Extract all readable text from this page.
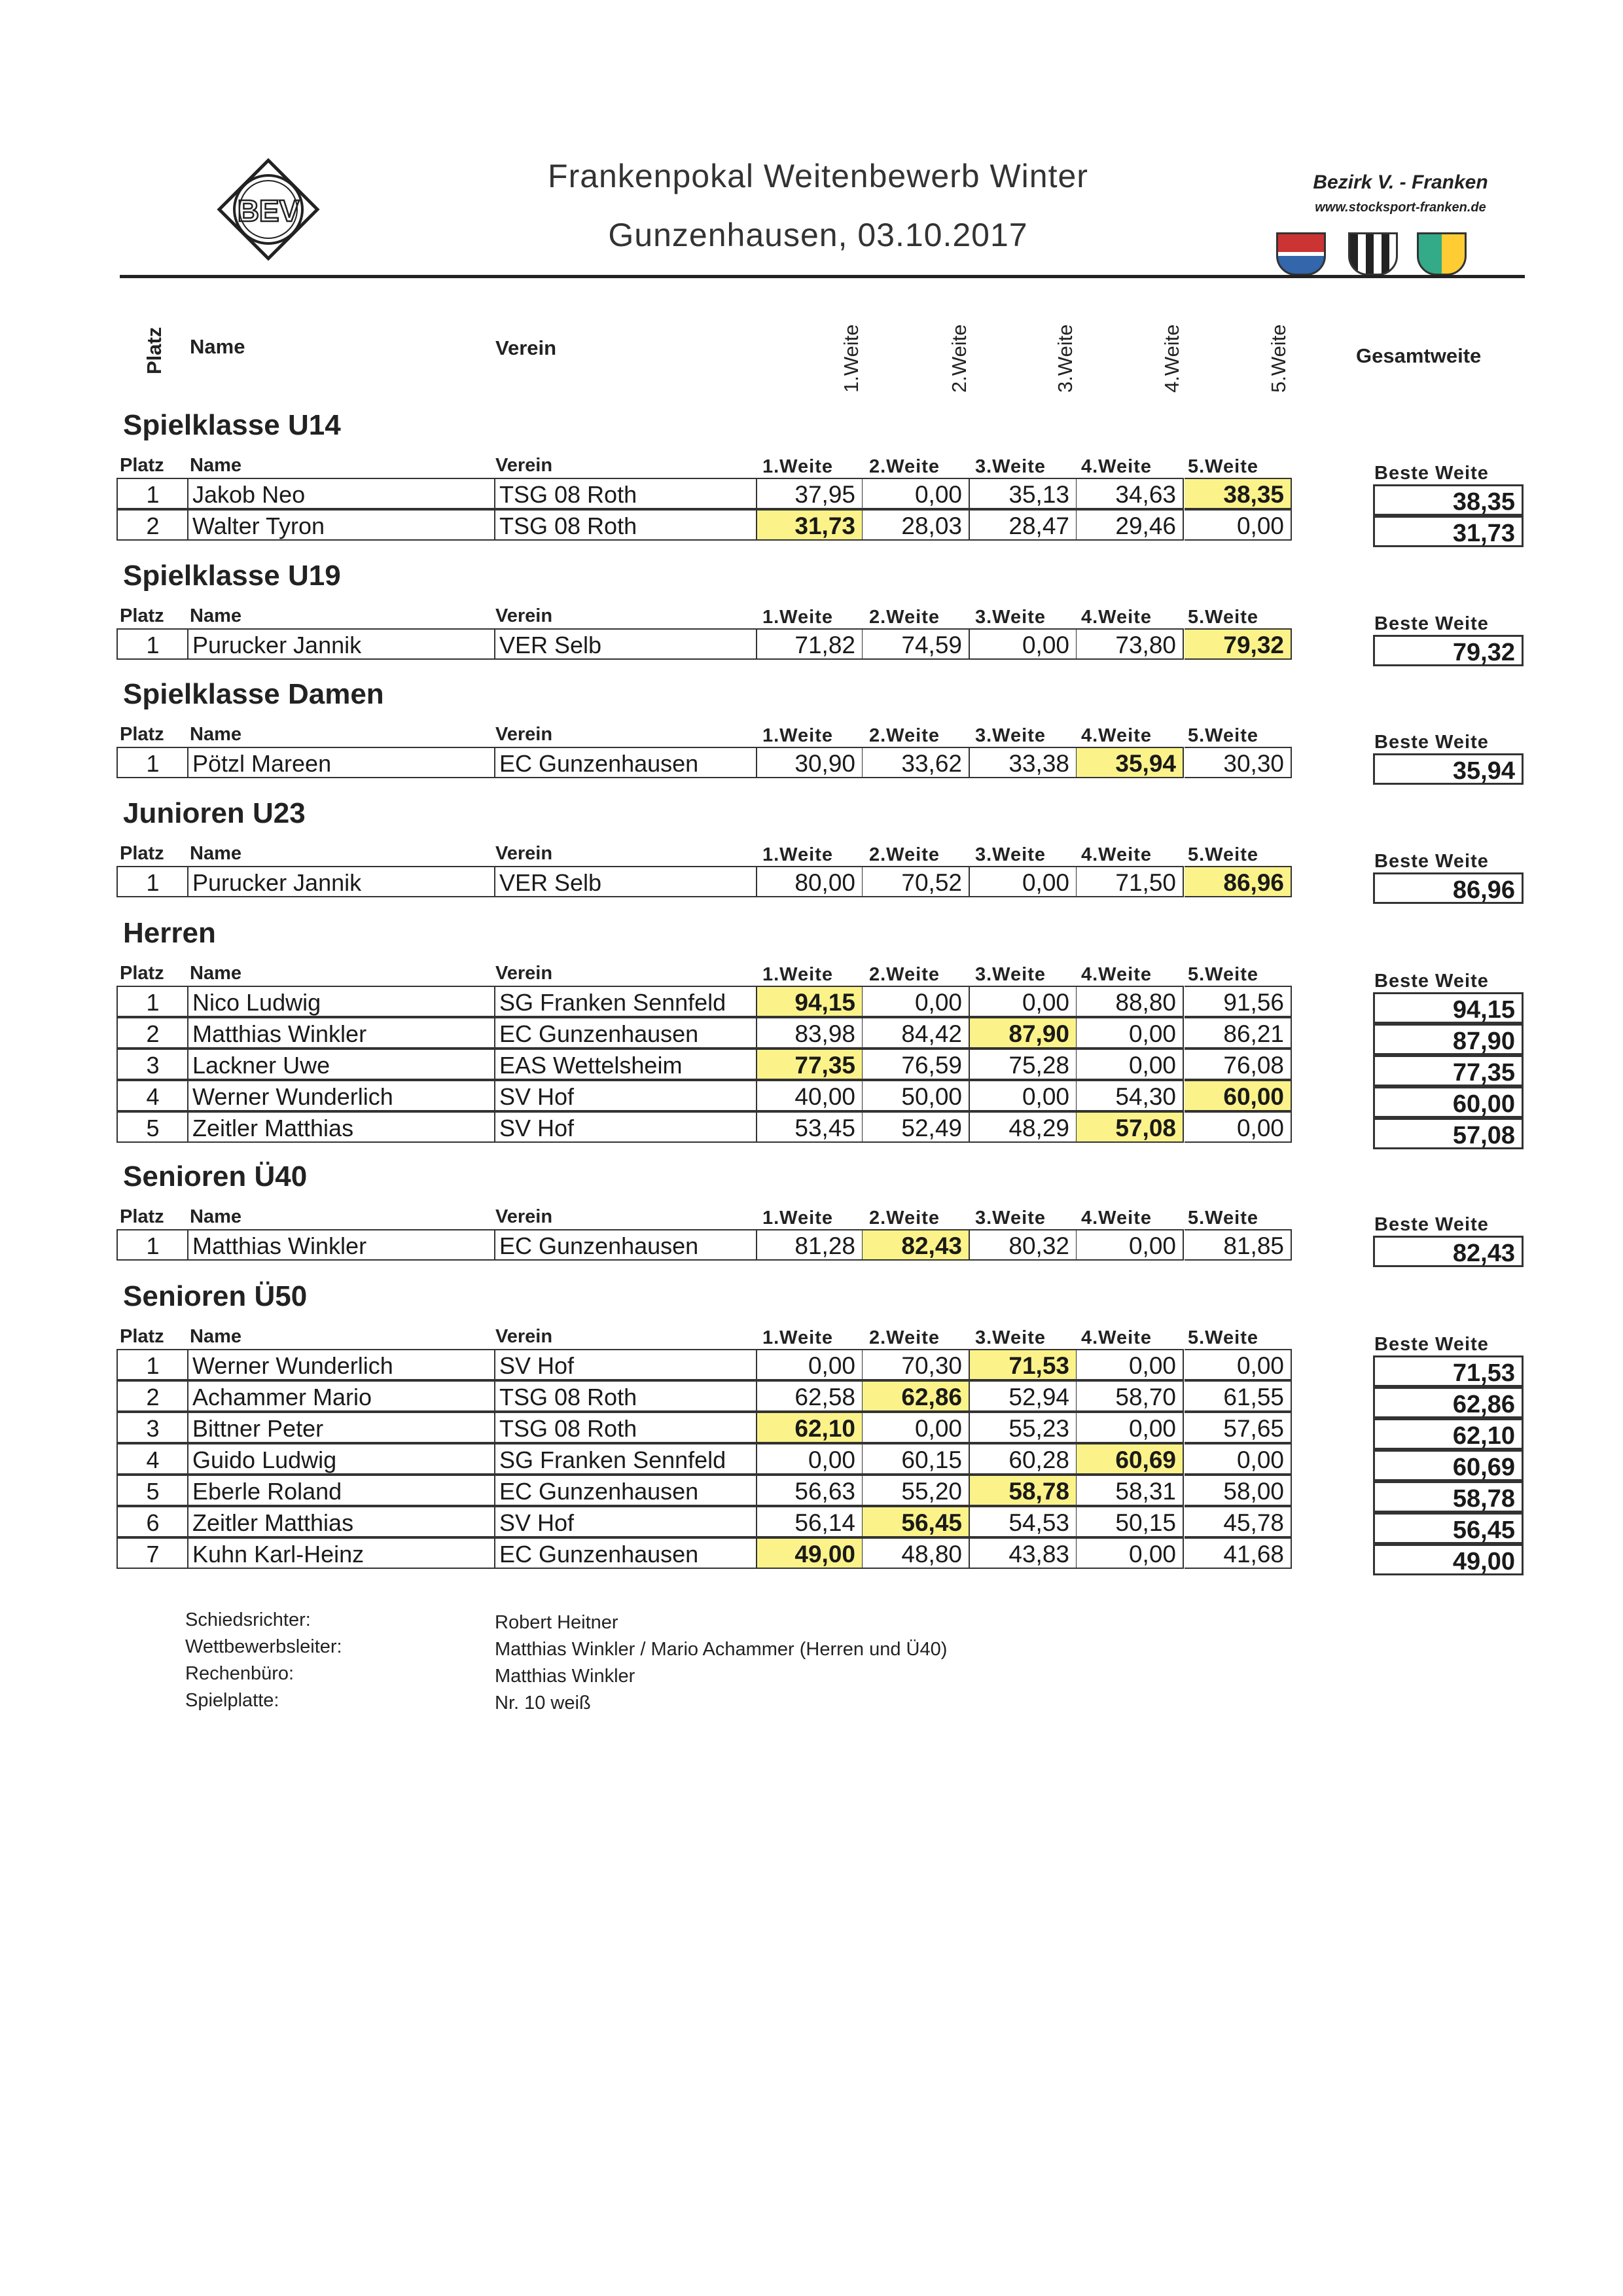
BEV
Frankenpokal Weitenbewerb Winter
Gunzenhausen, 03.10.2017
Bezirk V. - Franken
www.stocksport-franken.de
Platz Name	Verein	1.Weite	2.Weite	3.Weite	4.Weite	5.Weite	Gesamtweite
Spielklasse U14
Platz Name	Verein	1.Weite 2.Weite 3.Weite 4.Weite 5.Weite	Beste Weite
1	Jakob Neo	TSG 08 Roth	37,95	0,00	35,13	34,63	38,35	38,35
2	Walter Tyron	TSG 08 Roth	31,73	28,03	28,47	29,46	0,00	31,73
Spielklasse U19
Platz Name	Verein	1.Weite 2.Weite 3.Weite 4.Weite 5.Weite	Beste Weite
1	Purucker Jannik	VER Selb	71,82	74,59	0,00	73,80	79,32	79,32
Spielklasse Damen
Platz Name	Verein	1.Weite 2.Weite 3.Weite 4.Weite 5.Weite	Beste Weite
1	Pötzl Mareen	EC Gunzenhausen	30,90	33,62	33,38	35,94	30,30	35,94
Junioren U23
Platz Name	Verein	1.Weite 2.Weite 3.Weite 4.Weite 5.Weite	Beste Weite
1	Purucker Jannik	VER Selb	80,00	70,52	0,00	71,50	86,96	86,96
Herren
Platz Name	Verein	1.Weite 2.Weite 3.Weite 4.Weite 5.Weite	Beste Weite
1	Nico Ludwig	SG Franken Sennfeld	94,15	0,00	0,00	88,80	91,56	94,15
2	Matthias Winkler	EC Gunzenhausen	83,98	84,42	87,90	0,00	86,21	87,90
3	Lackner Uwe	EAS Wettelsheim	77,35	76,59	75,28	0,00	76,08	77,35
4	Werner Wunderlich	SV Hof	40,00	50,00	0,00	54,30	60,00	60,00
5	Zeitler Matthias	SV Hof	53,45	52,49	48,29	57,08	0,00	57,08
Senioren Ü40
Platz Name	Verein	1.Weite 2.Weite 3.Weite 4.Weite 5.Weite	Beste Weite
1	Matthias Winkler	EC Gunzenhausen	81,28	82,43	80,32	0,00	81,85	82,43
Senioren Ü50
Platz Name	Verein	1.Weite 2.Weite 3.Weite 4.Weite 5.Weite	Beste Weite
1	Werner Wunderlich	SV Hof	0,00	70,30	71,53	0,00	0,00	71,53
2	Achammer Mario	TSG 08 Roth	62,58	62,86	52,94	58,70	61,55	62,86
3	Bittner Peter	TSG 08 Roth	62,10	0,00	55,23	0,00	57,65	62,10
4	Guido Ludwig	SG Franken Sennfeld	0,00	60,15	60,28	60,69	0,00	60,69
5	Eberle Roland	EC Gunzenhausen	56,63	55,20	58,78	58,31	58,00	58,78
6	Zeitler Matthias	SV Hof	56,14	56,45	54,53	50,15	45,78	56,45
7	Kuhn Karl-Heinz	EC Gunzenhausen	49,00	48,80	43,83	0,00	41,68	49,00
Schiedsrichter:	Robert Heitner
Wettbewerbsleiter:	Matthias Winkler / Mario Achammer (Herren und Ü40)
Rechenbüro:	Matthias Winkler
Spielplatte:	Nr. 10 weiß
